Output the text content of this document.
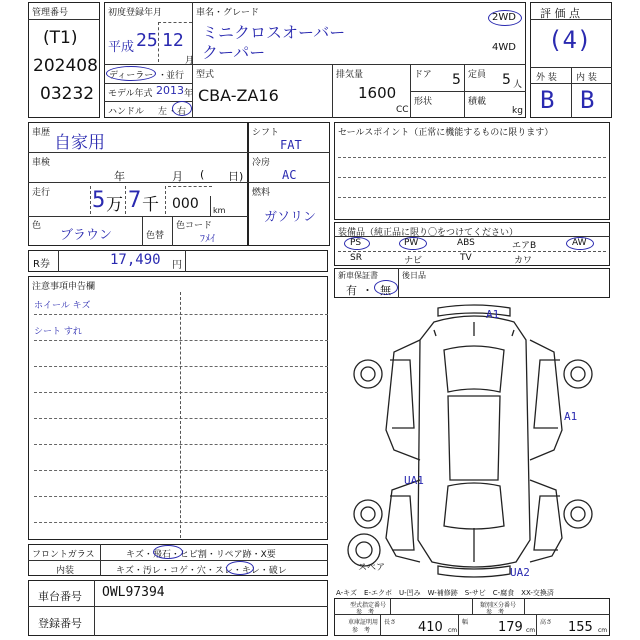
管理番号
(T1)
202408
03232
初度登録年月
平成 25 12
月
車名・グレード
ミニクロスオーバー
クーパー
2WD
4WD
ディーラー ・
並行
モデル年式 2013 年
ハンドル 左 ・ 右
型式
CBA-ZA16
排気量
1600
CC
ドア 5 定員 5 人
形状	積載
kg
評 価 点
(4)
外 装 内 装
B B
車歴 自家用
車検
年	月 ( 日)
走行 5 万 7 千 000 km
色
ブラウン	色替
色コード
ﾌﾒｲ
シフト
FAT
冷房
AC
燃料
ガソリン
R券	17,490 円
注意事項申告欄
ホイール キズ
シート すれ
フロントガラス	キズ・飛石・ヒビ割・リペア跡・X要
内装	キズ・汚レ・コゲ・穴・スレ・キレ・破レ
車台番号 OWL97394
登録番号
セールスポイント（正常に機能するものに限ります）
装備品（純正品に限り〇をつけてください）
PS	PW	ABS	エアB	AW
SR	ナビ	TV	カワ
新車保証書
有 ・ 無
後日品
A1
A1
UA1
UA2
スペア
A-キズ　E-エクボ　U-凹み　W-補修跡　S-サビ　C-腐食　XX-交換済
型式指定番号
参　考
類別区分番号
参　考
車庫証明用
参　考
長さ 410 cm
幅 179 cm
高さ 155 cm
